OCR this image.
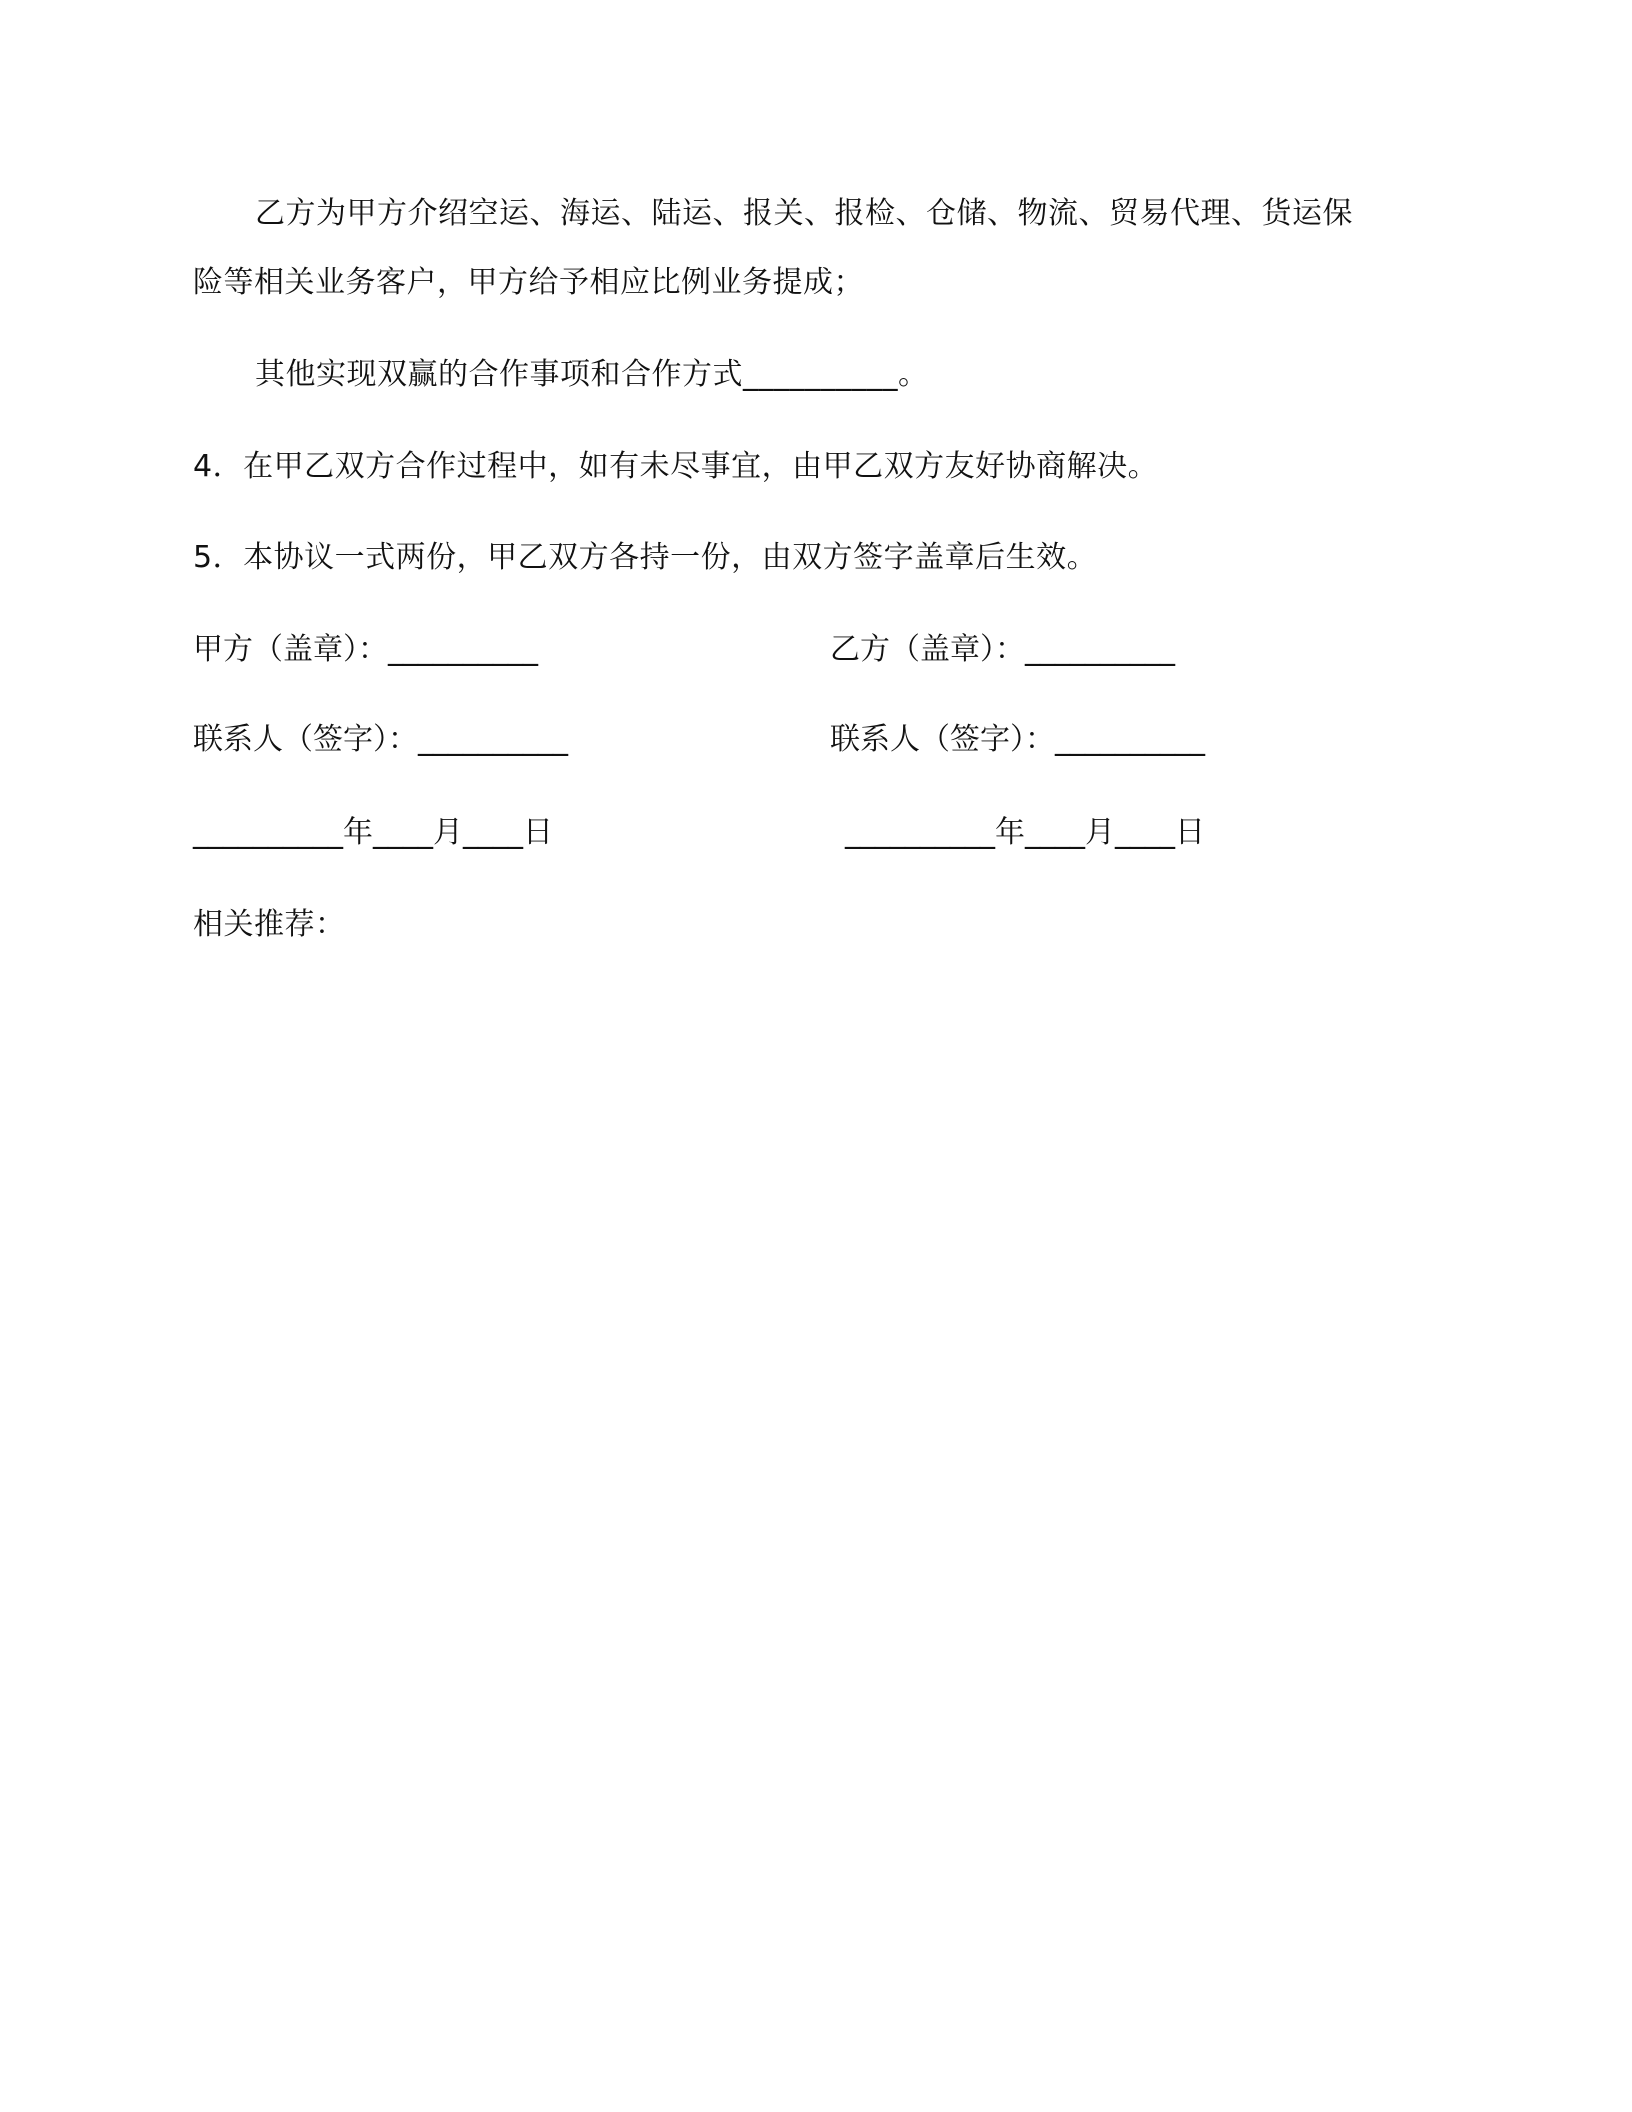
乙方为甲方介绍空运、海运、陆运、报关、报检、仓储、物流、贸易代理、货运保
险等相关业务客户，甲方给予相应比例业务提成；
其他实现双赢的合作事项和合作方式__________。
4．在甲乙双方合作过程中，如有未尽事宜，由甲乙双方友好协商解决。
5．本协议一式两份，甲乙双方各持一份，由双方签字盖章后生效。
甲方（盖章）：__________	乙方（盖章）：__________
联系人（签字）：__________	联系人（签字）：__________
__________年____月____日	__________年____月____日
相关推荐：
